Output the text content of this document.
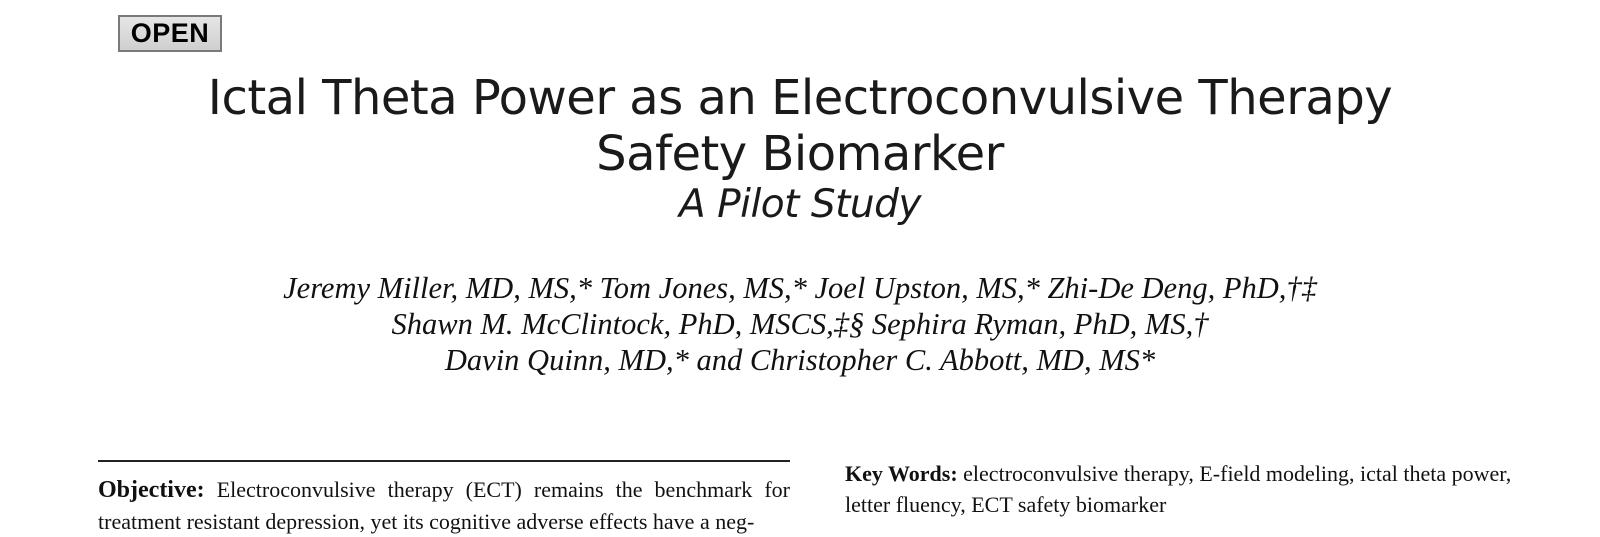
OPEN
Ictal Theta Power as an Electroconvulsive Therapy
Safety Biomarker
A Pilot Study
Jeremy Miller, MD, MS,* Tom Jones, MS,* Joel Upston, MS,* Zhi-De Deng, PhD,†‡
Shawn M. McClintock, PhD, MSCS,‡§ Sephira Ryman, PhD, MS,†
Davin Quinn, MD,* and Christopher C. Abbott, MD, MS*
Objective: Electroconvulsive therapy (ECT) remains the benchmark for treatment resistant depression, yet its cognitive adverse effects have a neg-
Key Words: electroconvulsive therapy, E-field modeling, ictal theta power, letter fluency, ECT safety biomarker
